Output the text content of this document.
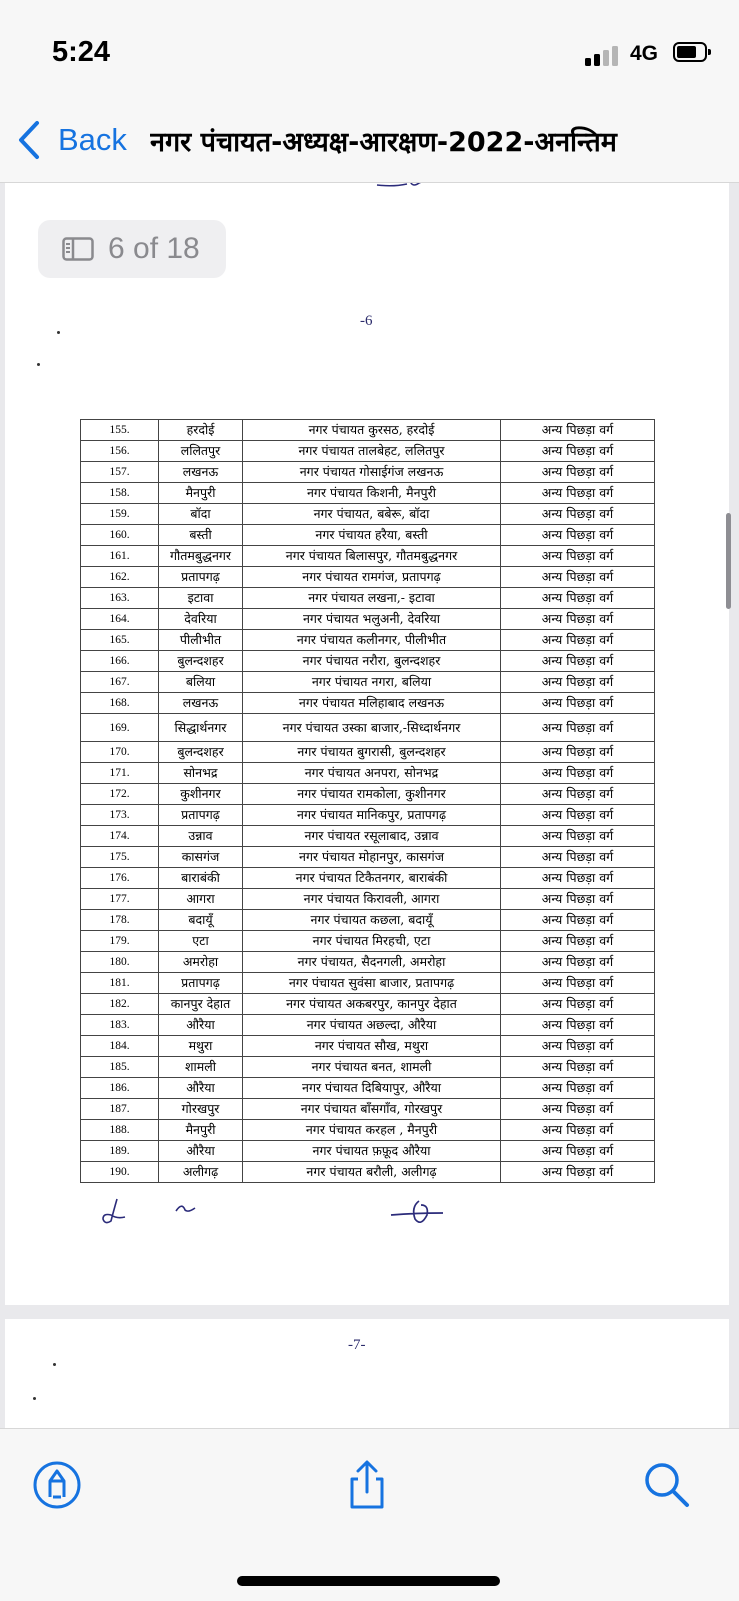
5:24	4G
Back नगर पंचायत-अध्यक्ष-आरक्षण-2022-अनन्तिम
6 of 18
-6
155.	हरदोई	नगर पंचायत कुरसठ, हरदोई	अन्य पिछड़ा वर्ग
156.	ललितपुर	नगर पंचायत तालबेहट, ललितपुर	अन्य पिछड़ा वर्ग
157.	लखनऊ	नगर पंचायत गोसाईगंज लखनऊ	अन्य पिछड़ा वर्ग
158.	मैनपुरी	नगर पंचायत किशनी, मैनपुरी	अन्य पिछड़ा वर्ग
159.	बॉदा	नगर पंचायत, बबेरू, बॉदा	अन्य पिछड़ा वर्ग
160.	बस्ती	नगर पंचायत हरैया, बस्ती	अन्य पिछड़ा वर्ग
161.	गौतमबुद्धनगर	नगर पंचायत बिलासपुर, गौतमबुद्धनगर	अन्य पिछड़ा वर्ग
162.	प्रतापगढ़	नगर पंचायत रामगंज, प्रतापगढ़	अन्य पिछड़ा वर्ग
163.	इटावा	नगर पंचायत लखना,- इटावा	अन्य पिछड़ा वर्ग
164.	देवरिया	नगर पंचायत भलुअनी, देवरिया	अन्य पिछड़ा वर्ग
165.	पीलीभीत	नगर पंचायत कलीनगर, पीलीभीत	अन्य पिछड़ा वर्ग
166.	बुलन्दशहर	नगर पंचायत नरौरा, बुलन्दशहर	अन्य पिछड़ा वर्ग
167.	बलिया	नगर पंचायत नगरा, बलिया	अन्य पिछड़ा वर्ग
168.	लखनऊ	नगर पंचायत मलिहाबाद लखनऊ	अन्य पिछड़ा वर्ग
169.	सिद्धार्थनगर	नगर पंचायत उस्का बाजार,-सिध्दार्थनगर	अन्य पिछड़ा वर्ग
170.	बुलन्दशहर	नगर पंचायत बुगरासी, बुलन्दशहर	अन्य पिछड़ा वर्ग
171.	सोनभद्र	नगर पंचायत अनपरा, सोनभद्र	अन्य पिछड़ा वर्ग
172.	कुशीनगर	नगर पंचायत रामकोला, कुशीनगर	अन्य पिछड़ा वर्ग
173.	प्रतापगढ़	नगर पंचायत मानिकपुर, प्रतापगढ़	अन्य पिछड़ा वर्ग
174.	उन्नाव	नगर पंचायत रसूलाबाद, उन्नाव	अन्य पिछड़ा वर्ग
175.	कासगंज	नगर पंचायत मोहानपुर, कासगंज	अन्य पिछड़ा वर्ग
176.	बाराबंकी	नगर पंचायत टिकैतनगर, बाराबंकी	अन्य पिछड़ा वर्ग
177.	आगरा	नगर पंचायत किरावली, आगरा	अन्य पिछड़ा वर्ग
178.	बदायूँ	नगर पंचायत कछला, बदायूँ	अन्य पिछड़ा वर्ग
179.	एटा	नगर पंचायत मिरहची, एटा	अन्य पिछड़ा वर्ग
180.	अमरोहा	नगर पंचायत, सैदनगली, अमरोहा	अन्य पिछड़ा वर्ग
181.	प्रतापगढ़	नगर पंचायत सुवंसा बाजार, प्रतापगढ़	अन्य पिछड़ा वर्ग
182.	कानपुर देहात	नगर पंचायत अकबरपुर, कानपुर देहात	अन्य पिछड़ा वर्ग
183.	औरैया	नगर पंचायत अछल्दा, औरैया	अन्य पिछड़ा वर्ग
184.	मथुरा	नगर पंचायत सौख, मथुरा	अन्य पिछड़ा वर्ग
185.	शामली	नगर पंचायत बनत, शामली	अन्य पिछड़ा वर्ग
186.	औरैया	नगर पंचायत दिबियापुर, औरैया	अन्य पिछड़ा वर्ग
187.	गोरखपुर	नगर पंचायत बाँसगाँव, गोरखपुर	अन्य पिछड़ा वर्ग
188.	मैनपुरी	नगर पंचायत करहल , मैनपुरी	अन्य पिछड़ा वर्ग
189.	औरैया	नगर पंचायत फ़फ़ूद औरैया	अन्य पिछड़ा वर्ग
190.	अलीगढ़	नगर पंचायत बरौली, अलीगढ़	अन्य पिछड़ा वर्ग
-7-
